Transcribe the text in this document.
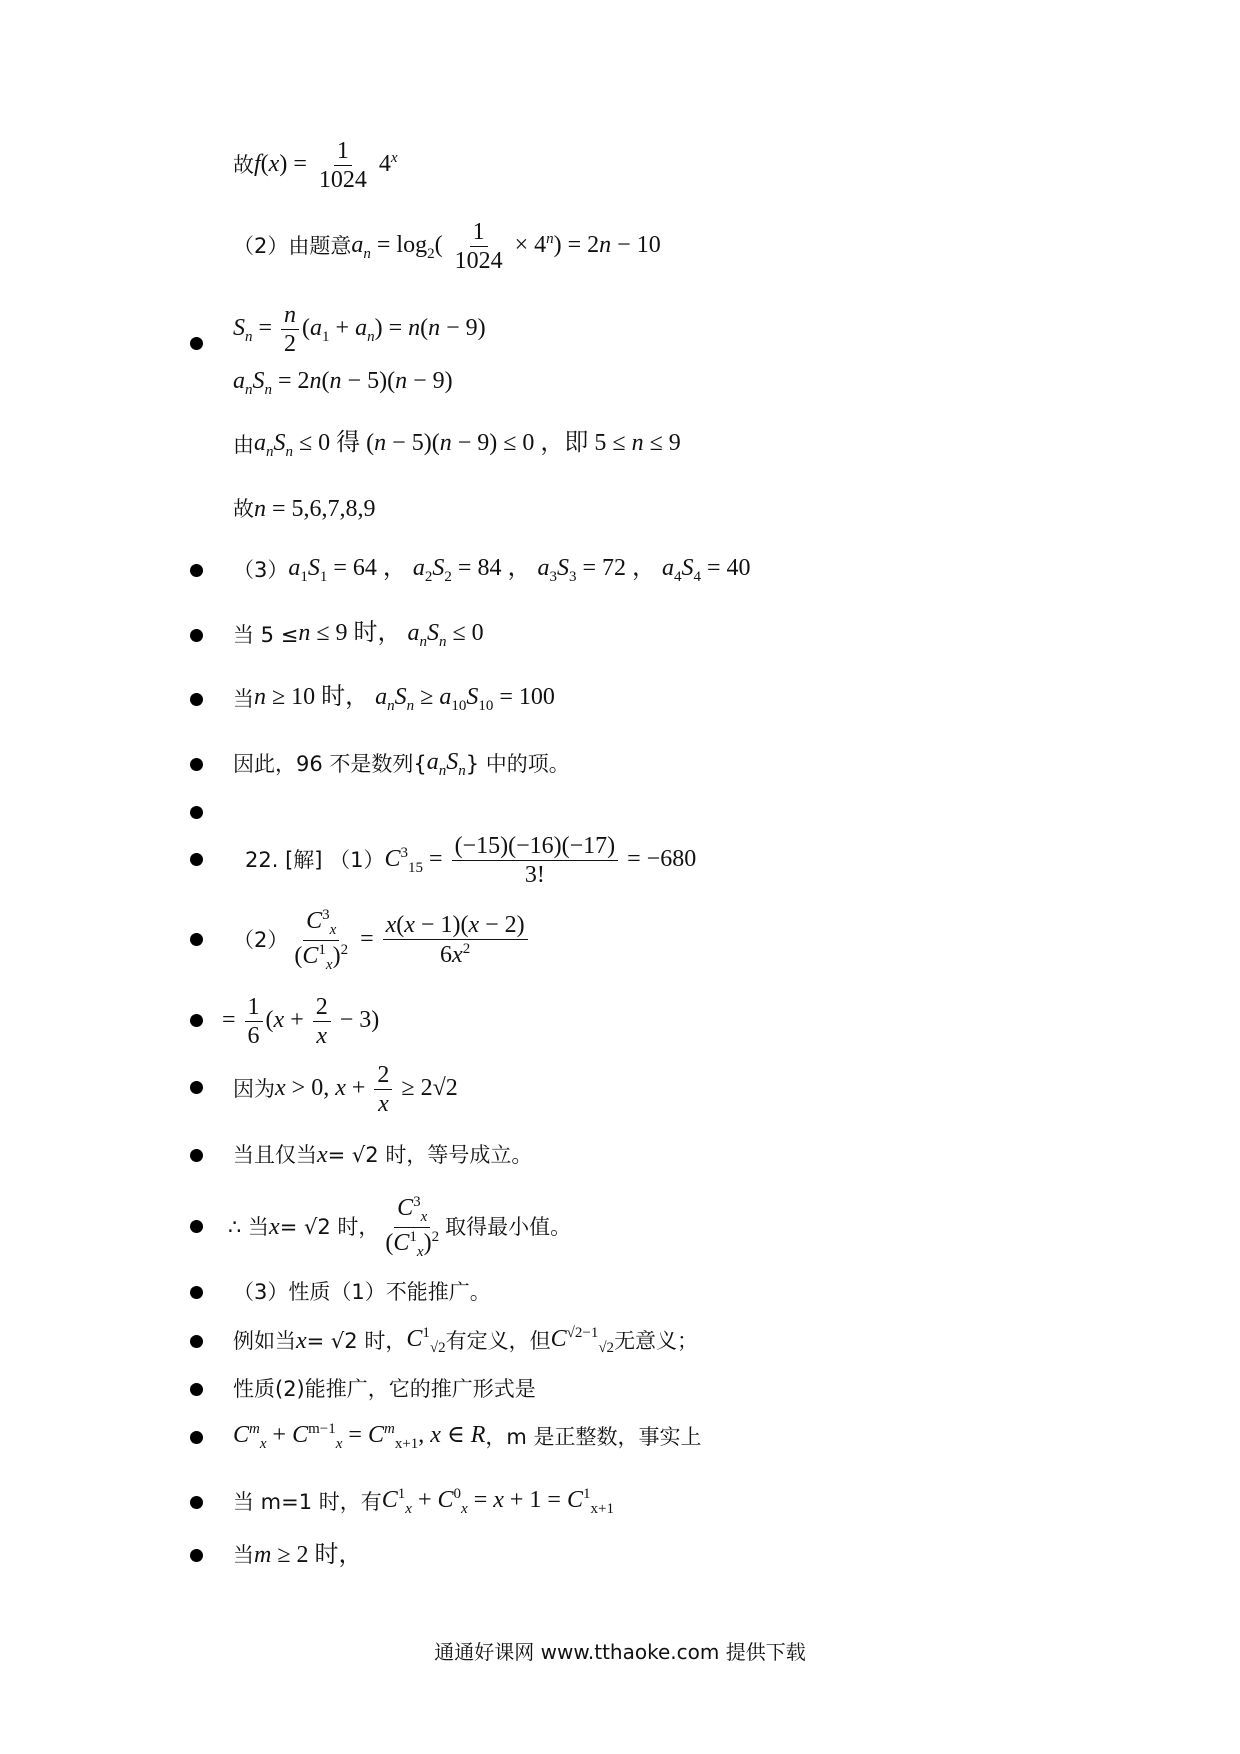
故 $f(x) = \frac{1}{1024} 4^x$
（2）由题意 $a_n = \log_2( \frac{1}{1024} \times 4^n) = 2n - 10$
$S_n = \frac{n}{2} (a_1 + a_n) = n(n - 9)$
$a_nS_n = 2n(n - 5)(n - 9)$
由 $a_nS_n \le 0$ 得 (n − 5)(n − 9) ≤ 0 ，即 5 ≤ n ≤ 9
故 n = 5,6,7,8,9
（3） $a_1S_1 = 64$ ， $a_2S_2 = 84$ ， $a_3S_3 = 72$ ， $a_4S_4 = 40$
当 5 ≤ n ≤ 9 时， $a_nS_n \le 0$
当 n ≥ 10 时， $a_nS_n \ge a_{10}S_{10} = 100$
因此，96 不是数列{ $a_nS_n$ } 中的项。
22. [解] （1） $C^3_{15} = \frac{(-15)(-16)(-17)}{3!} = -680$
$(2) \frac{C^3_x}{(C^1_x)^2} = \frac{x(x - 1)(x - 2)}{6x^2}$
= $\frac{1}{6} (x + \frac{2}{x} - 3)$
因为 x > 0, $x + \frac{2}{x} \ge 2√2$
当且仅当 x = √2 时，等号成立。
∴ 当 x = √2 时， $\frac{C^3_x}{(C^1_x)^2}$ 取得最小值。
（3）性质（1）不能推广。
例如当 x = √2 时， $C^1_{√2}$ 有定义，但 $C^{√2-1}_{√2}$ 无意义；
性质(2)能推广，它的推广形式是
$C^m_x + C^{m-1}_x = C^m_{x+1}$, x ∈ R ，m 是正整数，事实上
当 m=1 时，有 $C^1_x + C^0_x = x + 1 = C^1_{x+1}$
当 m ≥ 2 时，
通通好课网 www.tthaoke.com 提供下载
